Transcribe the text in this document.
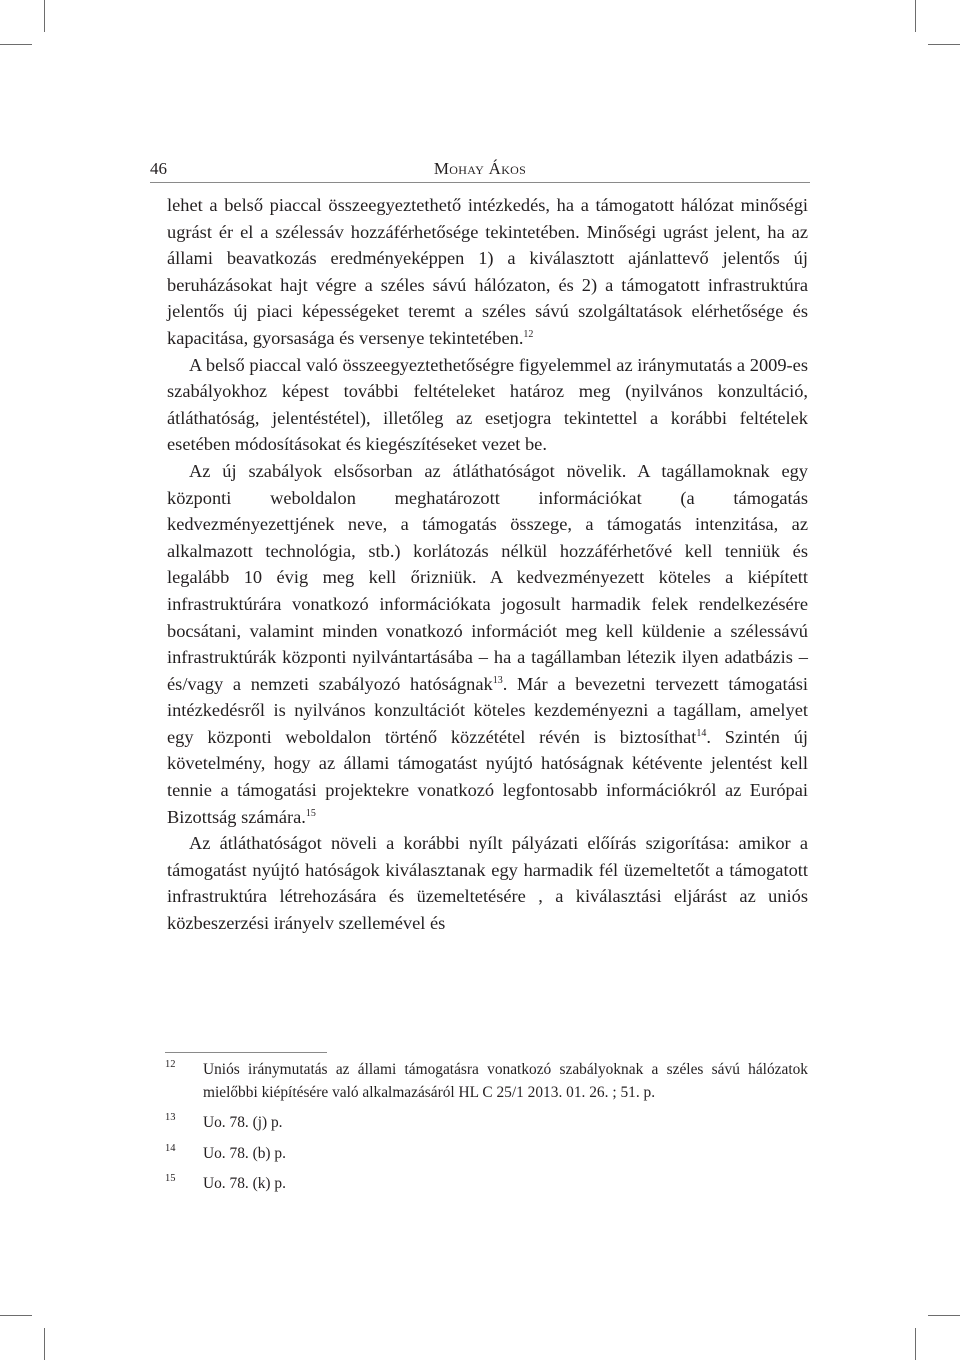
46	Mohay Ákos

lehet a belső piaccal összeegyeztethető intézkedés, ha a támogatott hálózat minőségi ugrást ér el a szélessáv hozzáférhetősége tekintetében. Minőségi ugrást jelent, ha az állami beavatkozás eredményeképpen 1) a kiválasztott ajánlattevő jelentős új beruházásokat hajt végre a széles sávú hálózaton, és 2) a támogatott infrastruktúra jelentős új piaci képességeket teremt a széles sávú szolgáltatások elérhetősége és kapacitása, gyorsasága és versenye tekintetében.$^{12}$

A belső piaccal való összeegyeztethetőségre figyelemmel az iránymutatás a 2009-es szabályokhoz képest további feltételeket határoz meg (nyilvános konzultáció, átláthatóság, jelentéstétel), illetőleg az esetjogra tekintettel a korábbi feltételek esetében módosításokat és kiegészítéseket vezet be.

Az új szabályok elsősorban az átláthatóságot növelik. A tagállamoknak egy központi weboldalon meghatározott információkat (a támogatás kedvezményezettjének neve, a támogatás összege, a támogatás intenzitása, az alkalmazott technológia, stb.) korlátozás nélkül hozzáférhetővé kell tenniük és legalább 10 évig meg kell őrizniük. A kedvezményezett köteles a kiépített infrastruktúrára vonatkozó információkata jogosult harmadik felek rendelkezésére bocsátani, valamint minden vonatkozó információt meg kell küldenie a szélessávú infrastruktúrák központi nyilvántartásába – ha a tagállamban létezik ilyen adatbázis – és/vagy a nemzeti szabályozó hatóságnak$^{13}$. Már a bevezetni tervezett támogatási intézkedésről is nyilvános konzultációt köteles kezdeményezni a tagállam, amelyet egy központi weboldalon történő közzététel révén is biztosíthat$^{14}$. Szintén új követelmény, hogy az állami támogatást nyújtó hatóságnak kétévente jelentést kell tennie a támogatási projektekre vonatkozó legfontosabb információkról az Európai Bizottság számára.$^{15}$

Az átláthatóságot növeli a korábbi nyílt pályázati előírás szigorítása: amikor a támogatást nyújtó hatóságok kiválasztanak egy harmadik fél üzemeltetőt a támogatott infrastruktúra létrehozására és üzemeltetésére , a kiválasztási eljárást az uniós közbeszerzési irányelv szellemével és

12 Uniós iránymutatás az állami támogatásra vonatkozó szabályoknak a széles sávú hálózatok mielőbbi kiépítésére való alkalmazásáról HL C 25/1 2013. 01. 26. ; 51. p.
13 Uo. 78. (j) p.
14 Uo. 78. (b) p.
15 Uo. 78. (k) p.
